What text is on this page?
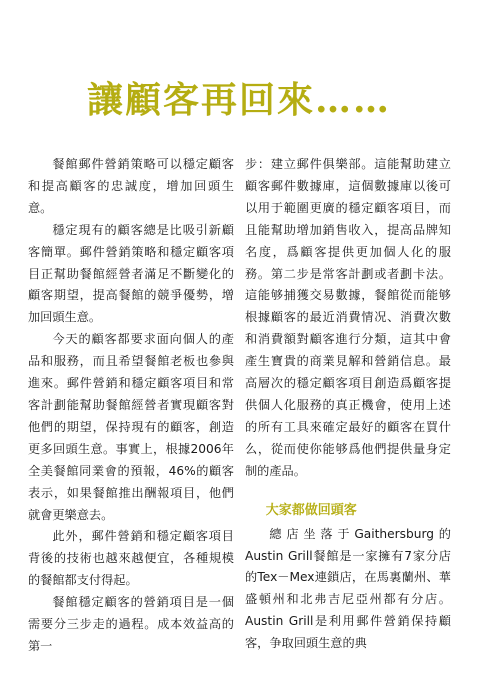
讓顧客再回來……

餐館郵件營銷策略可以穩定顧客和提高顧客的忠誠度，增加回頭生意。

穩定現有的顧客總是比吸引新顧客簡單。郵件營銷策略和穩定顧客項目正幫助餐館經營者滿足不斷變化的顧客期望，提高餐館的競爭優勢，增加回頭生意。

今天的顧客都要求面向個人的產品和服務，而且希望餐館老板也參與進來。郵件營銷和穩定顧客項目和常客計劃能幫助餐館經營者實現顧客對他們的期望，保持現有的顧客，創造更多回頭生意。事實上，根據2006年全美餐館同業會的預報，46%的顧客表示，如果餐館推出酬報項目，他們就會更樂意去。

此外，郵件營銷和穩定顧客項目背後的技術也越來越便宜，各種規模的餐館都支付得起。

餐館穩定顧客的營銷項目是一個需要分三步走的過程。成本效益高的第一

步：建立郵件俱樂部。這能幫助建立顧客郵件數據庫，這個數據庫以後可以用于範圍更廣的穩定顧客項目，而且能幫助增加銷售收入，提高品牌知名度，爲顧客提供更加個人化的服務。第二步是常客計劃或者劃卡法。這能够捕獲交易數據，餐館從而能够根據顧客的最近消費情况、消費次數和消費額對顧客進行分類，這其中會產生寶貴的商業見解和營銷信息。最高層次的穩定顧客項目創造爲顧客提供個人化服務的真正機會，使用上述的所有工具來確定最好的顧客在買什么，從而使你能够爲他們提供量身定制的產品。

大家都做回頭客

總店坐落于Gaithersburg的Austin Grill餐館是一家擁有7家分店的Tex－Mex連鎖店，在馬裏蘭州、華盛頓州和北弗吉尼亞州都有分店。Austin Grill是利用郵件營銷保持顧客，争取回頭生意的典
